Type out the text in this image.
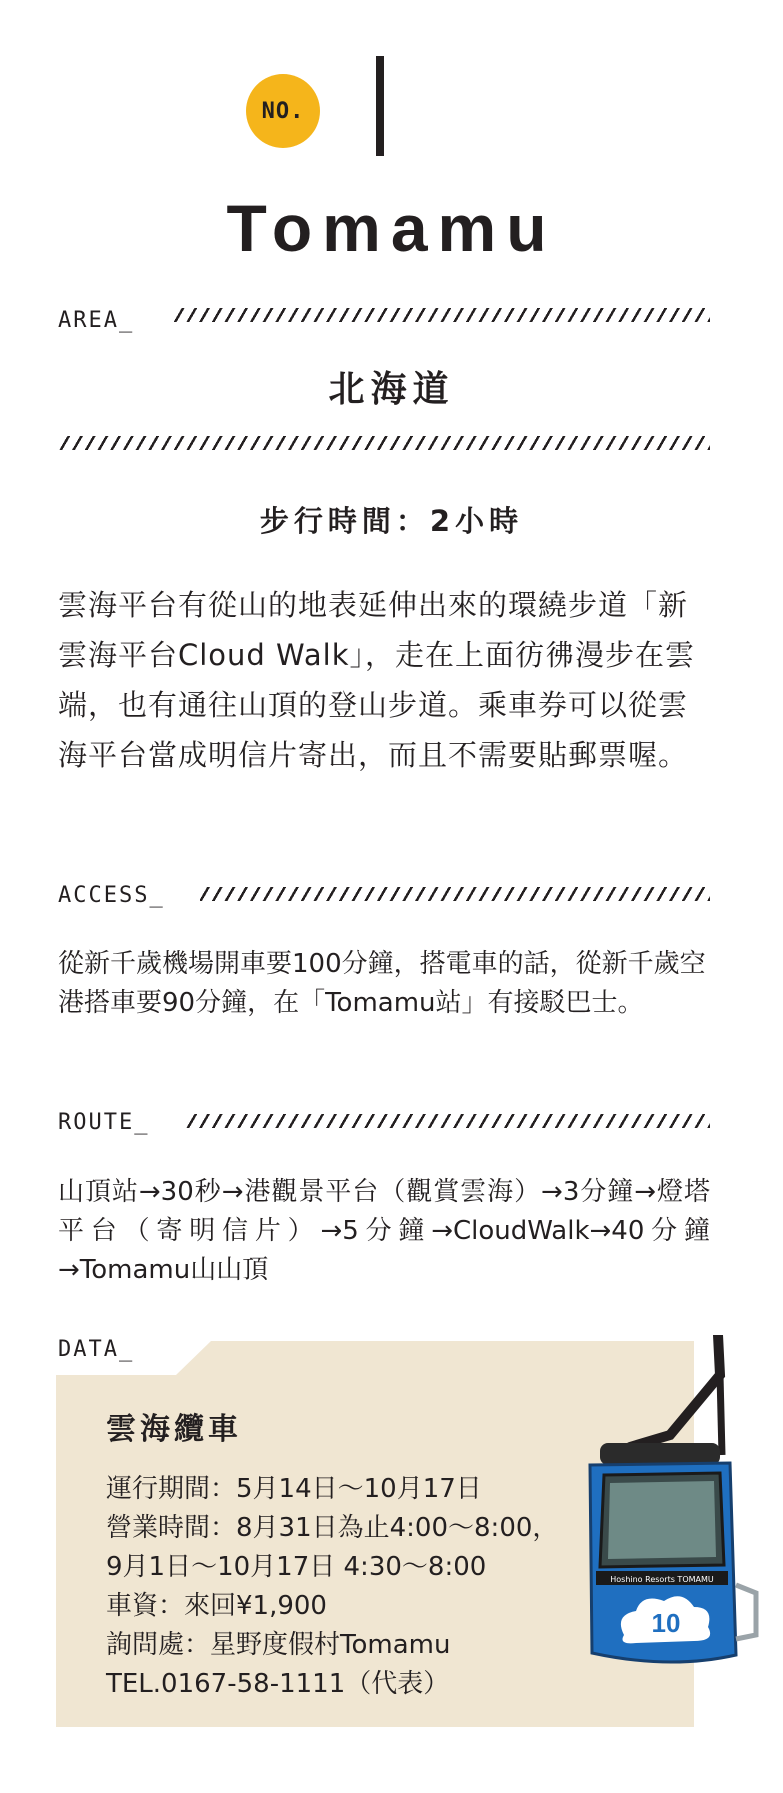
NO.
Tomamu
AREA_
北海道
步行時間：2小時
雲海平台有從山的地表延伸出來的環繞步道「新雲海平台Cloud Walk」，走在上面彷彿漫步在雲端，也有通往山頂的登山步道。乘車券可以從雲海平台當成明信片寄出，而且不需要貼郵票喔。
ACCESS_
從新千歲機場開車要100分鐘，搭電車的話，從新千歲空港搭車要90分鐘，在「Tomamu站」有接駁巴士。
ROUTE_
山頂站→30秒→港觀景平台（觀賞雲海）→3分鐘→燈塔平台（寄明信片）→5分鐘→CloudWalk→40分鐘→Tomamu山山頂
DATA_
雲海纜車
運行期間：5月14日～10月17日
營業時間：8月31日為止4:00～8:00，
9月1日～10月17日 4:30～8:00
車資：來回¥1,900
詢問處：星野度假村Tomamu
TEL.0167-58-1111（代表）
Hoshino Resorts TOMAMU
10
